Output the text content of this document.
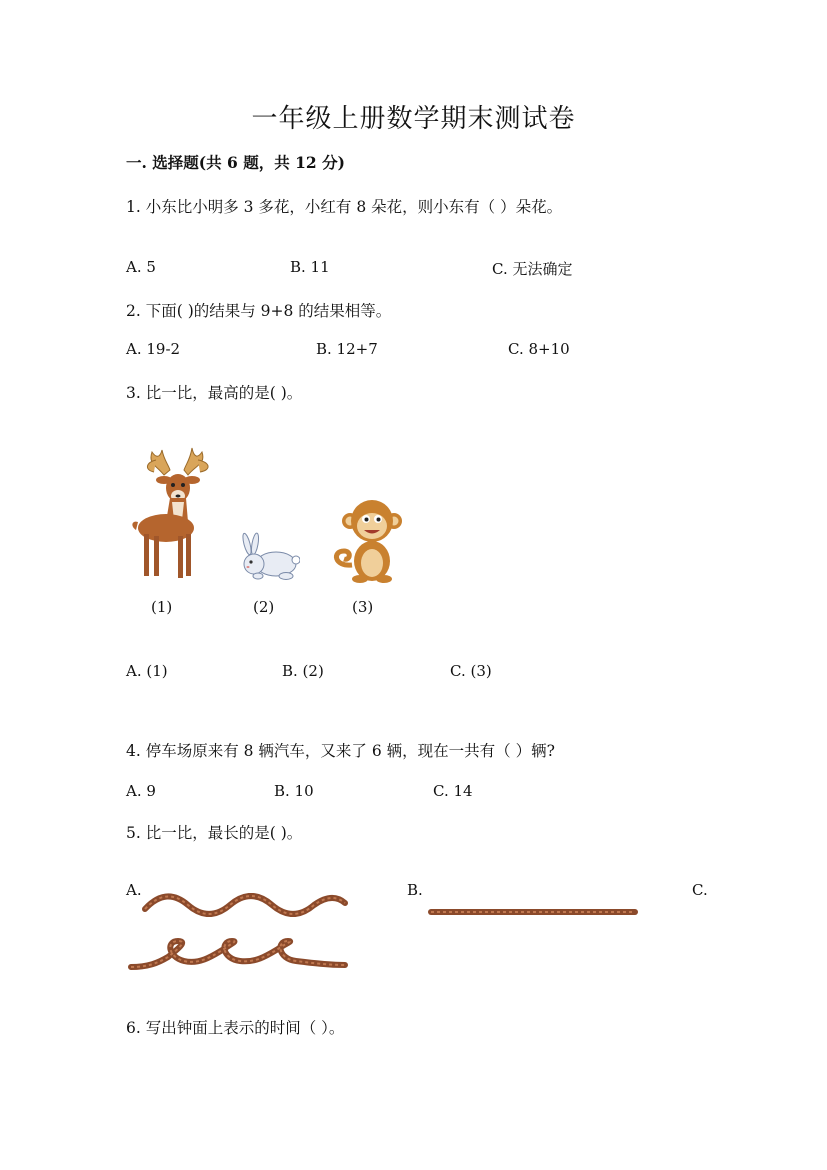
一年级上册数学期末测试卷
一. 选择题(共 6 题，共 12 分)
1. 小东比小明多 3 多花，小红有 8 朵花，则小东有（ ）朵花。
A. 5	B. 11	C. 无法确定
2. 下面( )的结果与 9+8 的结果相等。
A. 19-2	B. 12+7	C. 8+10
3. 比一比，最高的是( )。
(1)	(2)	(3)
A. (1)	B. (2)	C. (3)
4. 停车场原来有 8 辆汽车，又来了 6 辆，现在一共有（ ）辆?
A. 9	B. 10	C. 14
5. 比一比，最长的是( )。
A.	B.	C.
6. 写出钟面上表示的时间（ ）。
